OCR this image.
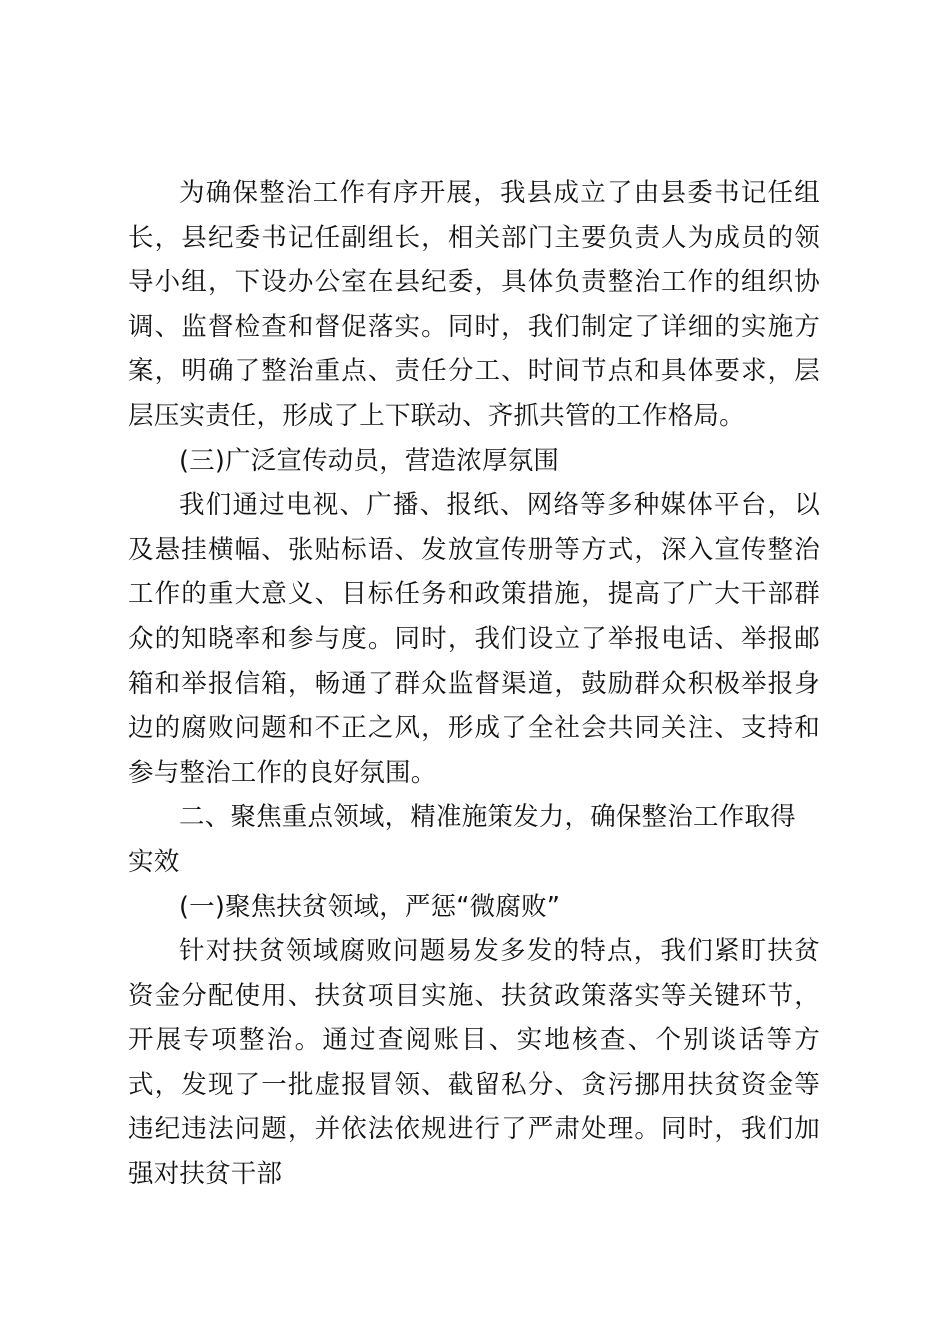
为确保整治工作有序开展，我县成立了由县委书记任组长，县纪委书记任副组长，相关部门主要负责人为成员的领导小组，下设办公室在县纪委，具体负责整治工作的组织协调、监督检查和督促落实。同时，我们制定了详细的实施方案，明确了整治重点、责任分工、时间节点和具体要求，层层压实责任，形成了上下联动、齐抓共管的工作格局。

(三)广泛宣传动员，营造浓厚氛围

我们通过电视、广播、报纸、网络等多种媒体平台，以及悬挂横幅、张贴标语、发放宣传册等方式，深入宣传整治工作的重大意义、目标任务和政策措施，提高了广大干部群众的知晓率和参与度。同时，我们设立了举报电话、举报邮箱和举报信箱，畅通了群众监督渠道，鼓励群众积极举报身边的腐败问题和不正之风，形成了全社会共同关注、支持和参与整治工作的良好氛围。

二、聚焦重点领域，精准施策发力，确保整治工作取得实效

(一)聚焦扶贫领域，严惩“微腐败”

针对扶贫领域腐败问题易发多发的特点，我们紧盯扶贫资金分配使用、扶贫项目实施、扶贫政策落实等关键环节，开展专项整治。通过查阅账目、实地核查、个别谈话等方式，发现了一批虚报冒领、截留私分、贪污挪用扶贫资金等违纪违法问题，并依法依规进行了严肃处理。同时，我们加强对扶贫干部
